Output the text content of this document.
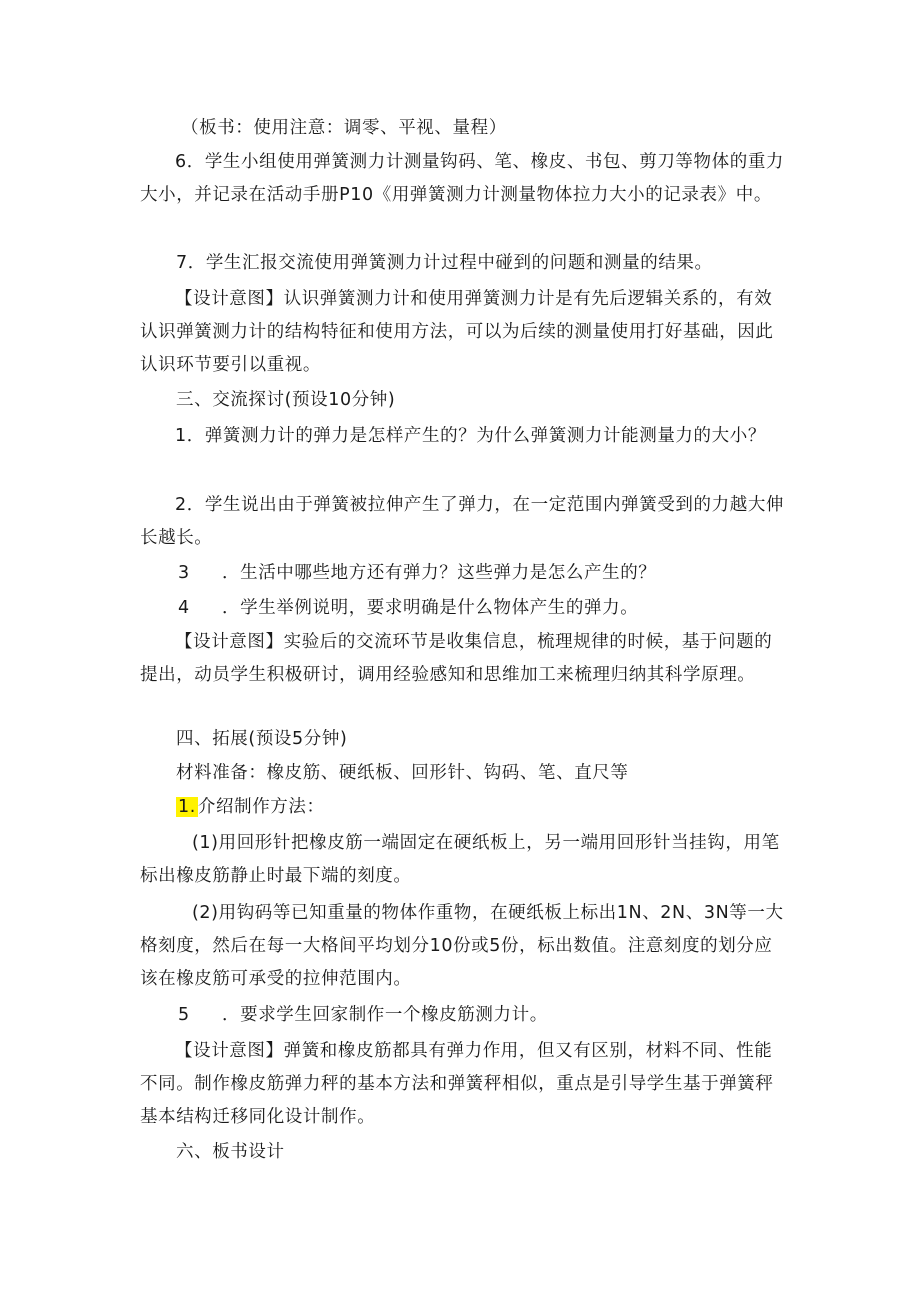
（板书：使用注意：调零、平视、量程）

6．学生小组使用弹簧测力计测量钩码、笔、橡皮、书包、剪刀等物体的重力大小，并记录在活动手册P10《用弹簧测力计测量物体拉力大小的记录表》中。

7．学生汇报交流使用弹簧测力计过程中碰到的问题和测量的结果。

【设计意图】认识弹簧测力计和使用弹簧测力计是有先后逻辑关系的，有效认识弹簧测力计的结构特征和使用方法，可以为后续的测量使用打好基础，因此认识环节要引以重视。

三、交流探讨(预设10分钟)

1．弹簧测力计的弹力是怎样产生的？为什么弹簧测力计能测量力的大小？

2．学生说出由于弹簧被拉伸产生了弹力，在一定范围内弹簧受到的力越大伸长越长。

3 ．生活中哪些地方还有弹力？这些弹力是怎么产生的？

4 ．学生举例说明，要求明确是什么物体产生的弹力。

【设计意图】实验后的交流环节是收集信息，梳理规律的时候，基于问题的提出，动员学生积极研讨，调用经验感知和思维加工来梳理归纳其科学原理。

四、拓展(预设5分钟)

材料准备：橡皮筋、硬纸板、回形针、钩码、笔、直尺等

1. 介绍制作方法：

(1)用回形针把橡皮筋一端固定在硬纸板上，另一端用回形针当挂钩，用笔标出橡皮筋静止时最下端的刻度。

(2)用钩码等已知重量的物体作重物，在硬纸板上标出1N、2N、3N等一大格刻度，然后在每一大格间平均划分10份或5份，标出数值。注意刻度的划分应该在橡皮筋可承受的拉伸范围内。

5 ．要求学生回家制作一个橡皮筋测力计。

【设计意图】弹簧和橡皮筋都具有弹力作用，但又有区别，材料不同、性能不同。制作橡皮筋弹力秤的基本方法和弹簧秤相似，重点是引导学生基于弹簧秤基本结构迁移同化设计制作。

六、板书设计
